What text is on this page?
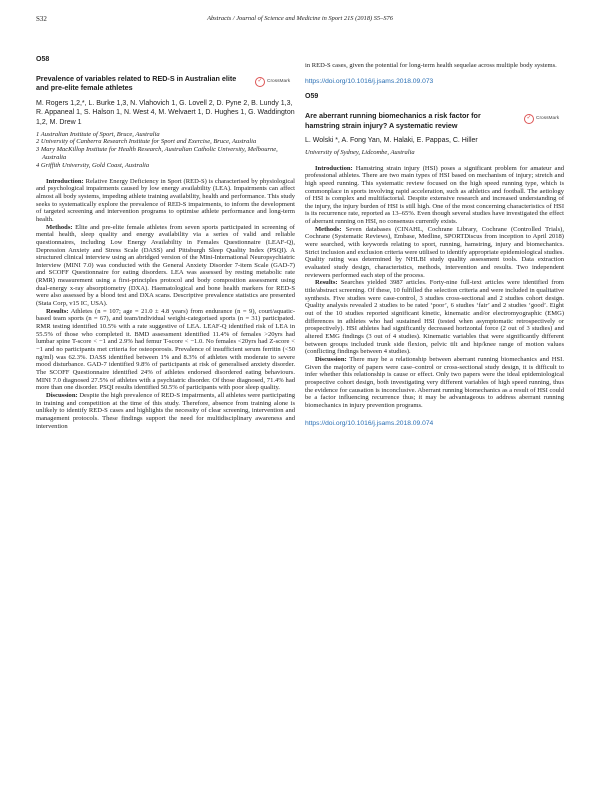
S32	Abstracts / Journal of Science and Medicine in Sport 21S (2018) S5–S76
O58
Prevalence of variables related to RED-S in Australian elite and pre-elite female athletes
✓ CrossMark
M. Rogers 1,2,*, L. Burke 1,3, N. Vlahovich 1, G. Lovell 2, D. Pyne 2, B. Lundy 1,3, R. Appaneal 1, S. Halson 1, N. West 4, M. Welvaert 1, D. Hughes 1, G. Waddington 1,2, M. Drew 1
1 Australian Institute of Sport, Bruce, Australia
2 University of Canberra Research Institute for Sport and Exercise, Bruce, Australia
3 Mary MacKillop Institute for Health Research, Australian Catholic University, Melbourne, Australia
4 Griffith University, Gold Coast, Australia

Introduction: Relative Energy Deficiency in Sport (RED-S) is characterised by physiological and psychological impairments caused by low energy availability (LEA). Impairments can affect almost all body systems, impeding athlete training availability, health and performance. This study seeks to systematically explore the prevalence of RED-S impairments, to inform the development of targeted screening and intervention programs to optimise athlete performance and long-term health.

Methods: Elite and pre-elite female athletes from seven sports participated in screening of mental health, sleep quality and energy availability via a series of valid and reliable questionnaires, including Low Energy Availability in Females Questionnaire (LEAF-Q), Depression Anxiety and Stress Scale (DASS) and Pittsburgh Sleep Quality Index (PSQI). A structured clinical interview using an abridged version of the Mini-International Neuropsychiatric Interview (MINI 7.0) was conducted with the General Anxiety Disorder 7-item Scale (GAD-7) and SCOFF Questionnaire for eating disorders. LEA was assessed by resting metabolic rate (RMR) measurement using a first-principles protocol and body composition assessment using dual-energy x-ray absorptiometry (DXA). Haematological and bone health markers for RED-S were also assessed by a blood test and DXA scans. Descriptive prevalence statistics are presented (Stata Corp, v15 IC, USA).

Results: Athletes (n = 107; age = 21.0 ± 4.8 years) from endurance (n = 9), court/aquatic-based team sports (n = 67), and team/individual weight-categorised sports (n = 31) participated. RMR testing identified 10.5% with a rate suggestive of LEA. LEAF-Q identified risk of LEA in 55.5% of those who completed it. BMD assessment identified 11.4% of females >20yrs had lumbar spine T-score < −1 and 2.9% had femur T-score < −1.0. No females <20yrs had Z-score < −1 and no participants met criteria for osteoporosis. Prevalence of insufficient serum ferritin (<50 ng/ml) was 62.3%. DASS identified between 1% and 8.3% of athletes with moderate to severe mood disturbance. GAD-7 identified 9.8% of participants at risk of generalised anxiety disorder. The SCOFF Questionnaire identified 24% of athletes endorsed disordered eating behaviours. MINI 7.0 diagnosed 27.5% of athletes with a psychiatric disorder. Of those diagnosed, 71.4% had more than one disorder. PSQI results identified 50.5% of participants with poor sleep quality.

Discussion: Despite the high prevalence of RED-S impairments, all athletes were participating in training and competition at the time of this study. Therefore, absence from training alone is unlikely to identify RED-S cases and highlights the necessity of clear screening, intervention and management protocols. These findings support the need for multidisciplinary awareness and intervention

in RED-S cases, given the potential for long-term health sequelae across multiple body systems.

https://doi.org/10.1016/j.jsams.2018.09.073
O59
Are aberrant running biomechanics a risk factor for hamstring strain injury? A systematic review
✓ CrossMark
L. Wolski *, A. Fong Yan, M. Halaki, E. Pappas, C. Hiller
University of Sydney, Lidcombe, Australia

Introduction: Hamstring strain injury (HSI) poses a significant problem for amateur and professional athletes. There are two main types of HSI based on mechanism of injury; stretch and high speed running. This systematic review focused on the high speed running type, which is commonplace in sports involving rapid acceleration, such as athletics and football. The aetiology of HSI is complex and multifactorial. Despite extensive research and increased understanding of the injury, the injury burden of HSI is still high. One of the most concerning characteristics of HSI is its recurrence rate, reported as 13–65%. Even though several studies have investigated the effect of aberrant running on HSI, no consensus currently exists.

Methods: Seven databases (CINAHL, Cochrane Library, Cochrane (Controlled Trials), Cochrane (Systematic Reviews), Embase, Medline, SPORTDiscus from inception to April 2018) were searched, with keywords relating to sport, running, hamstring, injury and biomechanics. Strict inclusion and exclusion criteria were utilised to identify appropriate epidemiological studies. Quality rating was determined by NHLBI study quality assessment tools. Data extraction evaluated study design, characteristics, methods, intervention and results. Two independent reviewers performed each step of the process.

Results: Searches yielded 3987 articles. Forty-nine full-text articles were identified from title/abstract screening. Of these, 10 fulfilled the selection criteria and were included in qualitative synthesis. Five studies were case-control, 3 studies cross-sectional and 2 studies cohort design. Quality analysis revealed 2 studies to be rated ‘poor’, 6 studies ‘fair’ and 2 studies ‘good’. Eight out of the 10 studies reported significant kinetic, kinematic and/or electromyographic (EMG) differences in athletes who had sustained HSI (tested when asymptomatic retrospectively or prospectively). HSI athletes had significantly decreased horizontal force (2 out of 3 studies) and altered EMG findings (3 out of 4 studies). Kinematic variables that were significantly different between groups included trunk side flexion, pelvic tilt and hip/knee range of motion values (conflicting findings between 4 studies).

Discussion: There may be a relationship between aberrant running biomechanics and HSI. Given the majority of papers were case–control or cross-sectional study design, it is difficult to infer whether this relationship is cause or effect. Only two papers were the ideal epidemiological prospective cohort design, both investigating very different variables of high speed running, thus the evidence for causation is inconclusive. Aberrant running biomechanics as a result of HSI could be a factor influencing recurrence thus; it may be advantageous to address aberrant running biomechanics in injury prevention programs.

https://doi.org/10.1016/j.jsams.2018.09.074
